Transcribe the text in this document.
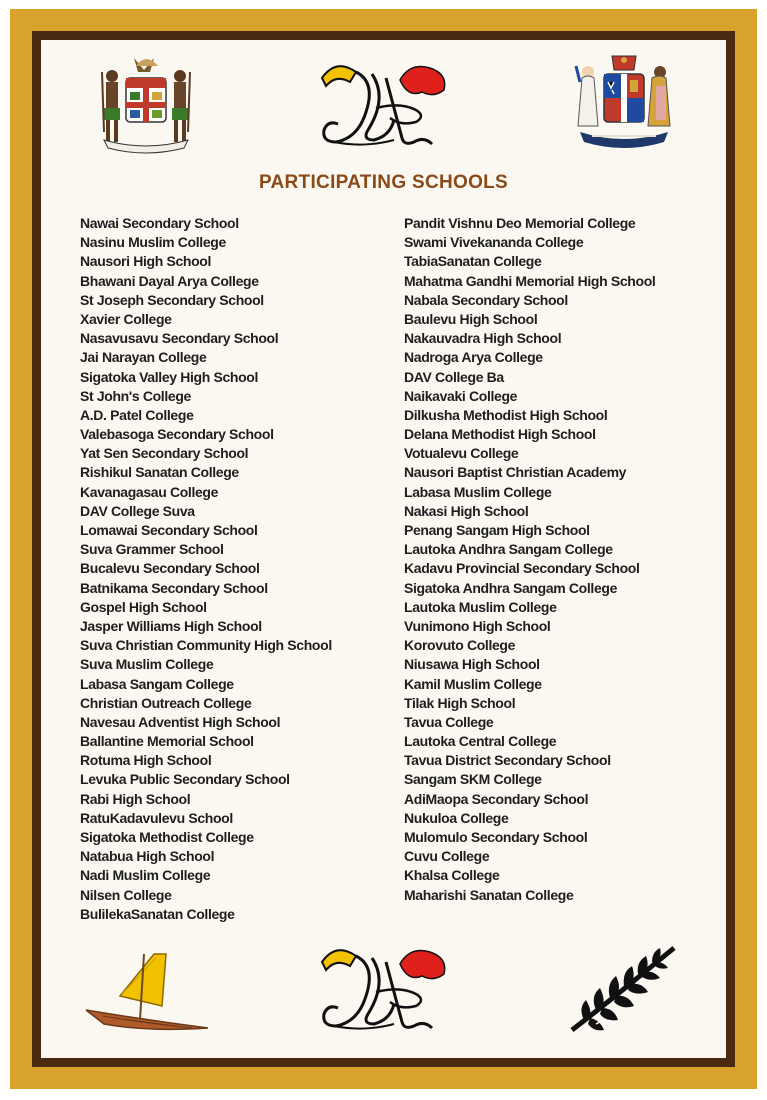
PARTICIPATING SCHOOLS
Nawai Secondary School
Nasinu Muslim College
Nausori High School
Bhawani Dayal Arya College
St Joseph Secondary School
Xavier College
Nasavusavu Secondary School
Jai Narayan College
Sigatoka Valley High School
St John's College
A.D. Patel College
Valebasoga Secondary School
Yat Sen Secondary School
Rishikul Sanatan College
Kavanagasau College
DAV College Suva
Lomawai Secondary School
Suva Grammer School
Bucalevu Secondary School
Batnikama Secondary School
Gospel High School
Jasper Williams High School
Suva Christian Community High School
Suva Muslim College
Labasa Sangam College
Christian Outreach College
Navesau Adventist High School
Ballantine Memorial School
Rotuma High School
Levuka Public Secondary School
Rabi High School
RatuKadavulevu School
Sigatoka Methodist College
Natabua High School
Nadi Muslim College
Nilsen College
BulilekaSanatan College
Pandit Vishnu Deo Memorial College
Swami Vivekananda College
TabiaSanatan College
Mahatma Gandhi Memorial High School
Nabala Secondary School
Baulevu High School
Nakauvadra High School
Nadroga Arya College
DAV College Ba
Naikavaki College
Dilkusha Methodist High School
Delana Methodist High School
Votualevu College
Nausori Baptist Christian Academy
Labasa Muslim College
Nakasi High School
Penang Sangam High School
Lautoka Andhra Sangam College
Kadavu Provincial Secondary School
Sigatoka Andhra Sangam College
Lautoka Muslim College
Vunimono High School
Korovuto College
Niusawa High School
Kamil Muslim College
Tilak High School
Tavua College
Lautoka Central College
Tavua District Secondary School
Sangam SKM College
AdiMaopa Secondary School
Nukuloa College
Mulomulo Secondary School
Cuvu College
Khalsa College
Maharishi Sanatan College
